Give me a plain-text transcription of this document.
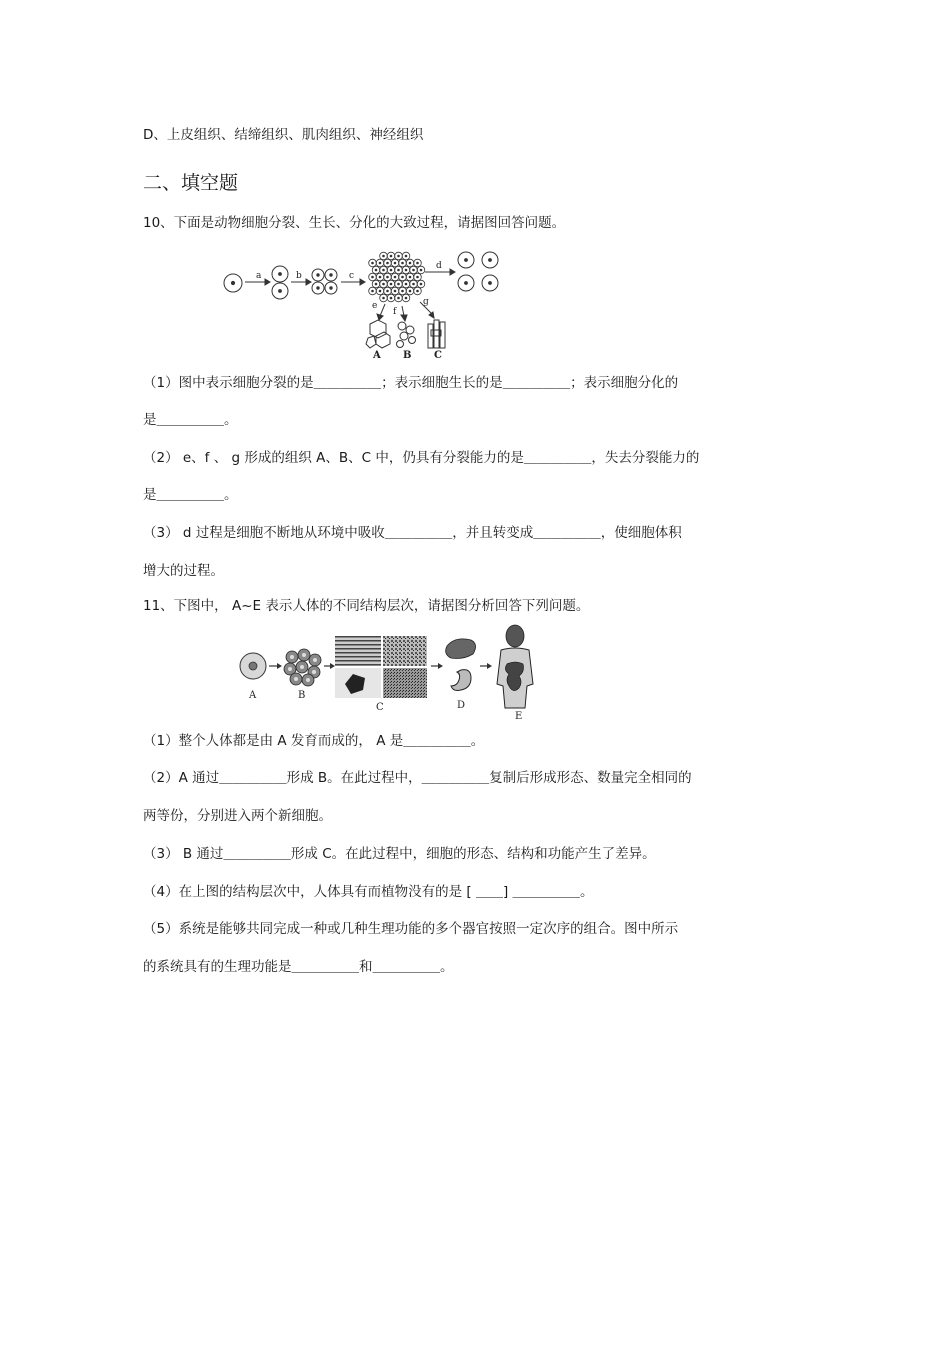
D、上皮组织、结缔组织、肌肉组织、神经组织
二、填空题
10、下面是动物细胞分裂、生长、分化的大致过程，请据图回答问题。
a	b	c
d
e
f
g
A B C
（1）图中表示细胞分裂的是＿＿＿＿＿；表示细胞生长的是＿＿＿＿＿；表示细胞分化的
是＿＿＿＿＿。
（2） e、f 、 g 形成的组织 A、B、C 中，仍具有分裂能力的是＿＿＿＿＿，失去分裂能力的
是＿＿＿＿＿。
（3） d 过程是细胞不断地从环境中吸收＿＿＿＿＿，并且转变成＿＿＿＿＿，使细胞体积
增大的过程。
11、下图中， A~E 表示人体的不同结构层次，请据图分析回答下列问题。
A	B
C	D
E
（1）整个人体都是由 A 发育而成的， A 是＿＿＿＿＿。
（2）A 通过＿＿＿＿＿形成 B。在此过程中，＿＿＿＿＿复制后形成形态、数量完全相同的
两等份，分别进入两个新细胞。
（3） B 通过＿＿＿＿＿形成 C。在此过程中，细胞的形态、结构和功能产生了差异。
（4）在上图的结构层次中，人体具有而植物没有的是 [ ＿＿] ＿＿＿＿＿。
（5）系统是能够共同完成一种或几种生理功能的多个器官按照一定次序的组合。图中所示
的系统具有的生理功能是＿＿＿＿＿和＿＿＿＿＿。
